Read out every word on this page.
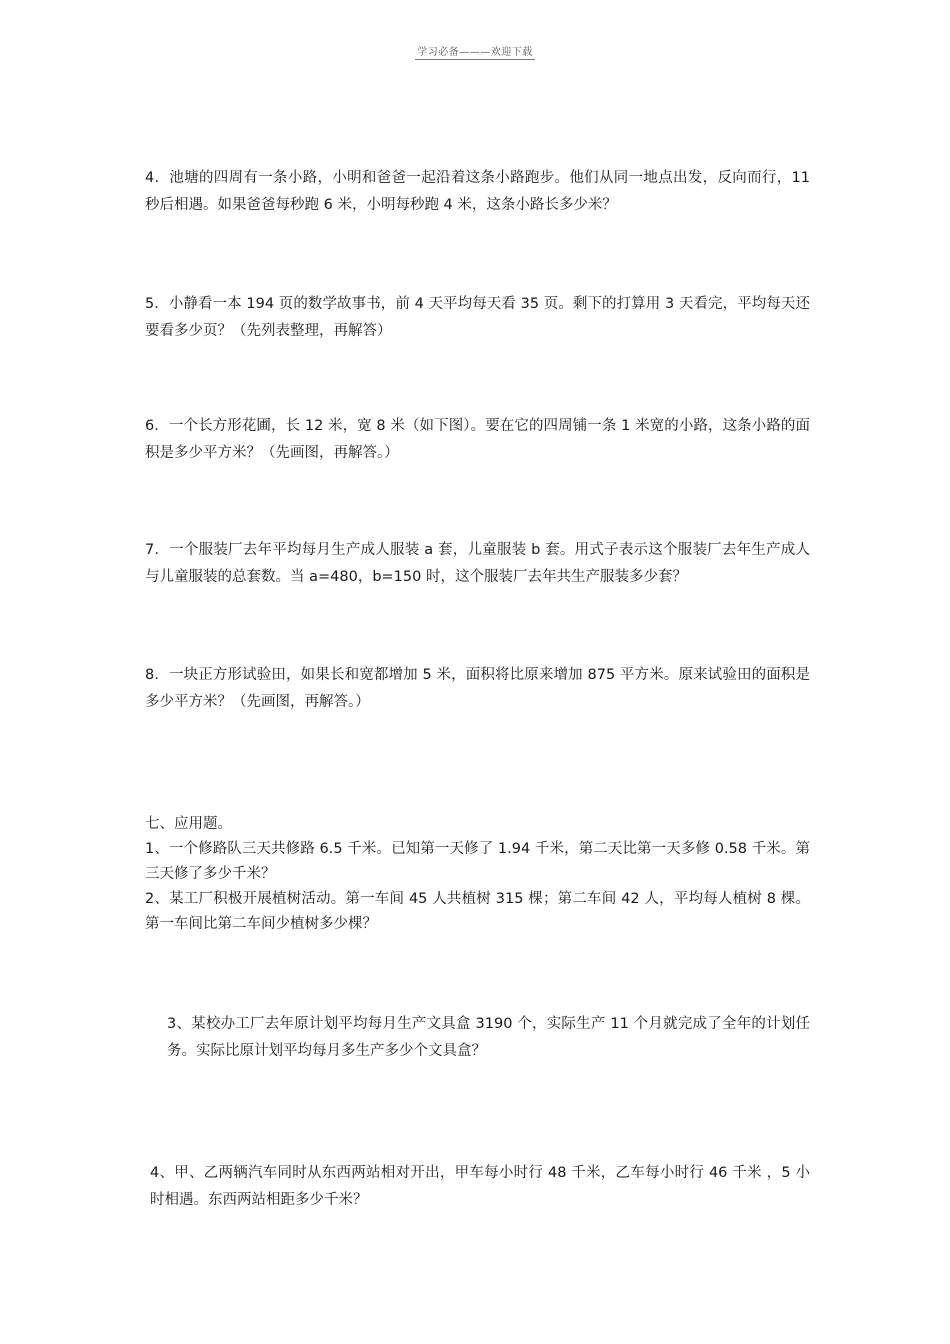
学习必备———欢迎下载
4．池塘的四周有一条小路，小明和爸爸一起沿着这条小路跑步。他们从同一地点出发，反向而行，11 秒后相遇。如果爸爸每秒跑 6 米，小明每秒跑 4 米，这条小路长多少米？
5．小静看一本 194 页的数学故事书，前 4 天平均每天看 35 页。剩下的打算用 3 天看完，平均每天还要看多少页？（先列表整理，再解答）
6．一个长方形花圃，长 12 米，宽 8 米（如下图）。要在它的四周铺一条 1 米宽的小路，这条小路的面积是多少平方米？（先画图，再解答。）
7．一个服装厂去年平均每月生产成人服装 a 套，儿童服装 b 套。用式子表示这个服装厂去年生产成人与儿童服装的总套数。当 a=480，b=150 时，这个服装厂去年共生产服装多少套？
8．一块正方形试验田，如果长和宽都增加 5 米，面积将比原来增加 875 平方米。原来试验田的面积是多少平方米？（先画图，再解答。）
七、应用题。
1、一个修路队三天共修路 6.5 千米。已知第一天修了 1.94 千米，第二天比第一天多修 0.58 千米。第三天修了多少千米？
2、某工厂积极开展植树活动。第一车间 45 人共植树 315 棵；第二车间 42 人，平均每人植树 8 棵。第一车间比第二车间少植树多少棵？
3、某校办工厂去年原计划平均每月生产文具盒 3190 个，实际生产 11 个月就完成了全年的计划任务。实际比原计划平均每月多生产多少个文具盒？
4、甲、乙两辆汽车同时从东西两站相对开出，甲车每小时行 48 千米，乙车每小时行 46 千米 ，5 小时相遇。东西两站相距多少千米？
